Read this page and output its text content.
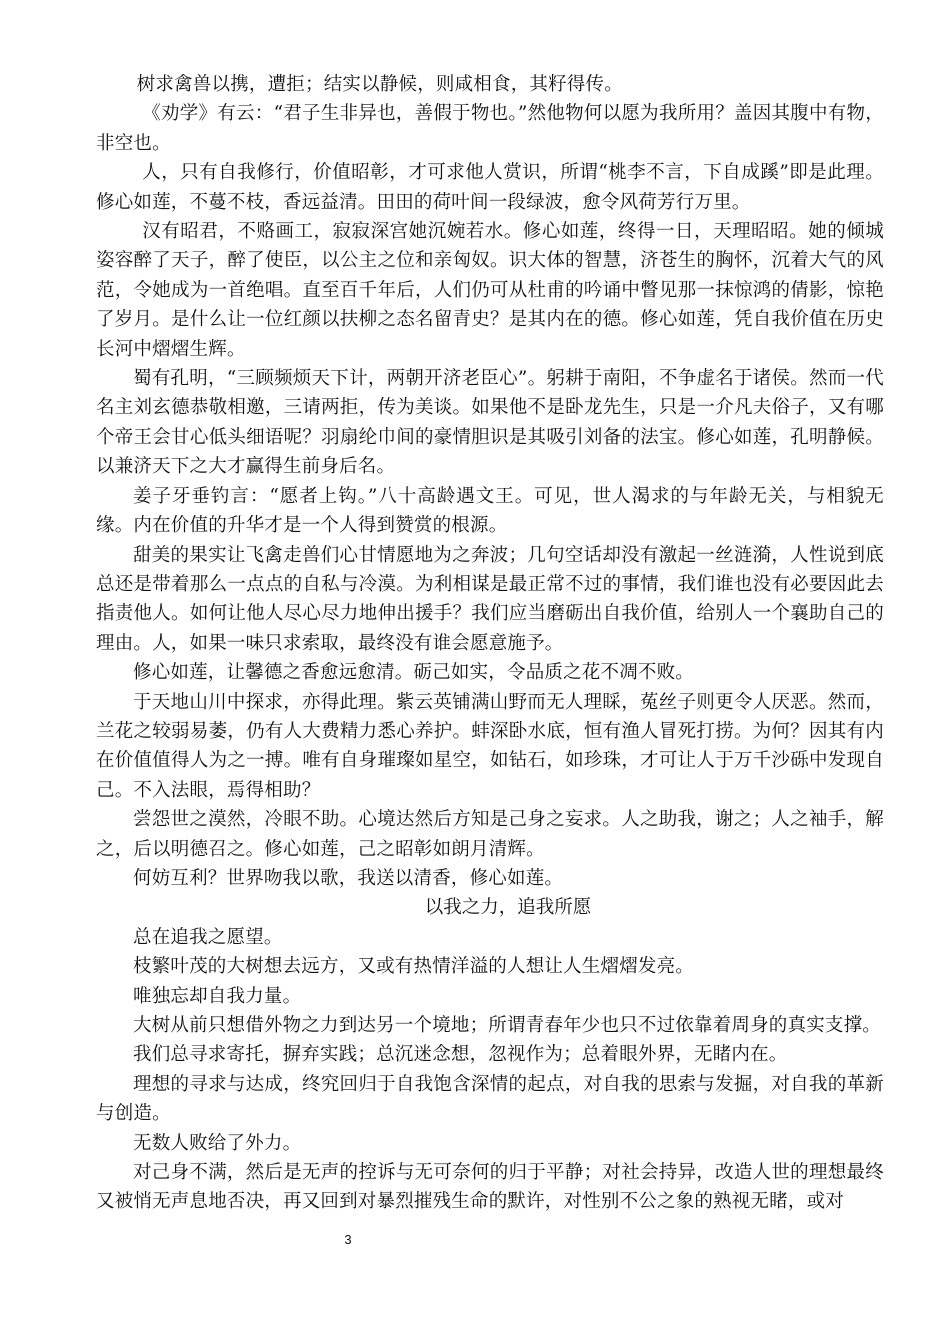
树求禽兽以携，遭拒；结实以静候，则咸相食，其籽得传。

《劝学》有云：“君子生非异也，善假于物也。”然他物何以愿为我所用？盖因其腹中有物，非空也。

人，只有自我修行，价值昭彰，才可求他人赏识，所谓“桃李不言，下自成蹊”即是此理。修心如莲，不蔓不枝，香远益清。田田的荷叶间一段绿波，愈令风荷芳行万里。

汉有昭君，不赂画工，寂寂深宫她沉婉若水。修心如莲，终得一日，天理昭昭。她的倾城姿容醉了天子，醉了使臣，以公主之位和亲匈奴。识大体的智慧，济苍生的胸怀，沉着大气的风范，令她成为一首绝唱。直至百千年后，人们仍可从杜甫的吟诵中瞥见那一抹惊鸿的倩影，惊艳了岁月。是什么让一位红颜以扶柳之态名留青史？是其内在的德。修心如莲，凭自我价值在历史长河中熠熠生辉。

蜀有孔明，“三顾频烦天下计，两朝开济老臣心”。躬耕于南阳，不争虚名于诸侯。然而一代名主刘玄德恭敬相邀，三请两拒，传为美谈。如果他不是卧龙先生，只是一介凡夫俗子，又有哪个帝王会甘心低头细语呢？羽扇纶巾间的豪情胆识是其吸引刘备的法宝。修心如莲，孔明静候。以兼济天下之大才赢得生前身后名。

姜子牙垂钓言：“愿者上钩。”八十高龄遇文王。可见，世人渴求的与年龄无关，与相貌无缘。内在价值的升华才是一个人得到赞赏的根源。

甜美的果实让飞禽走兽们心甘情愿地为之奔波；几句空话却没有激起一丝涟漪，人性说到底总还是带着那么一点点的自私与冷漠。为利相谋是最正常不过的事情，我们谁也没有必要因此去指责他人。如何让他人尽心尽力地伸出援手？我们应当磨砺出自我价值，给别人一个襄助自己的理由。人，如果一味只求索取，最终没有谁会愿意施予。

修心如莲，让馨德之香愈远愈清。砺己如实，令品质之花不凋不败。

于天地山川中探求，亦得此理。紫云英铺满山野而无人理睬，菟丝子则更令人厌恶。然而，兰花之较弱易萎，仍有人大费精力悉心养护。蚌深卧水底，恒有渔人冒死打捞。为何？因其有内在价值值得人为之一搏。唯有自身璀璨如星空，如钻石，如珍珠，才可让人于万千沙砾中发现自己。不入法眼，焉得相助？

尝怨世之漠然，冷眼不助。心境达然后方知是己身之妄求。人之助我，谢之；人之袖手，解之，后以明德召之。修心如莲，己之昭彰如朗月清辉。

何妨互利？世界吻我以歌，我送以清香，修心如莲。

以我之力，追我所愿

总在追我之愿望。

枝繁叶茂的大树想去远方，又或有热情洋溢的人想让人生熠熠发亮。

唯独忘却自我力量。

大树从前只想借外物之力到达另一个境地；所谓青春年少也只不过依靠着周身的真实支撑。

我们总寻求寄托，摒弃实践；总沉迷念想，忽视作为；总着眼外界，无睹内在。

理想的寻求与达成，终究回归于自我饱含深情的起点，对自我的思索与发掘，对自我的革新与创造。

无数人败给了外力。

对己身不满，然后是无声的控诉与无可奈何的归于平静；对社会持异，改造人世的理想最终又被悄无声息地否决，再又回到对暴烈摧残生命的默许，对性别不公之象的熟视无睹，或对

3
